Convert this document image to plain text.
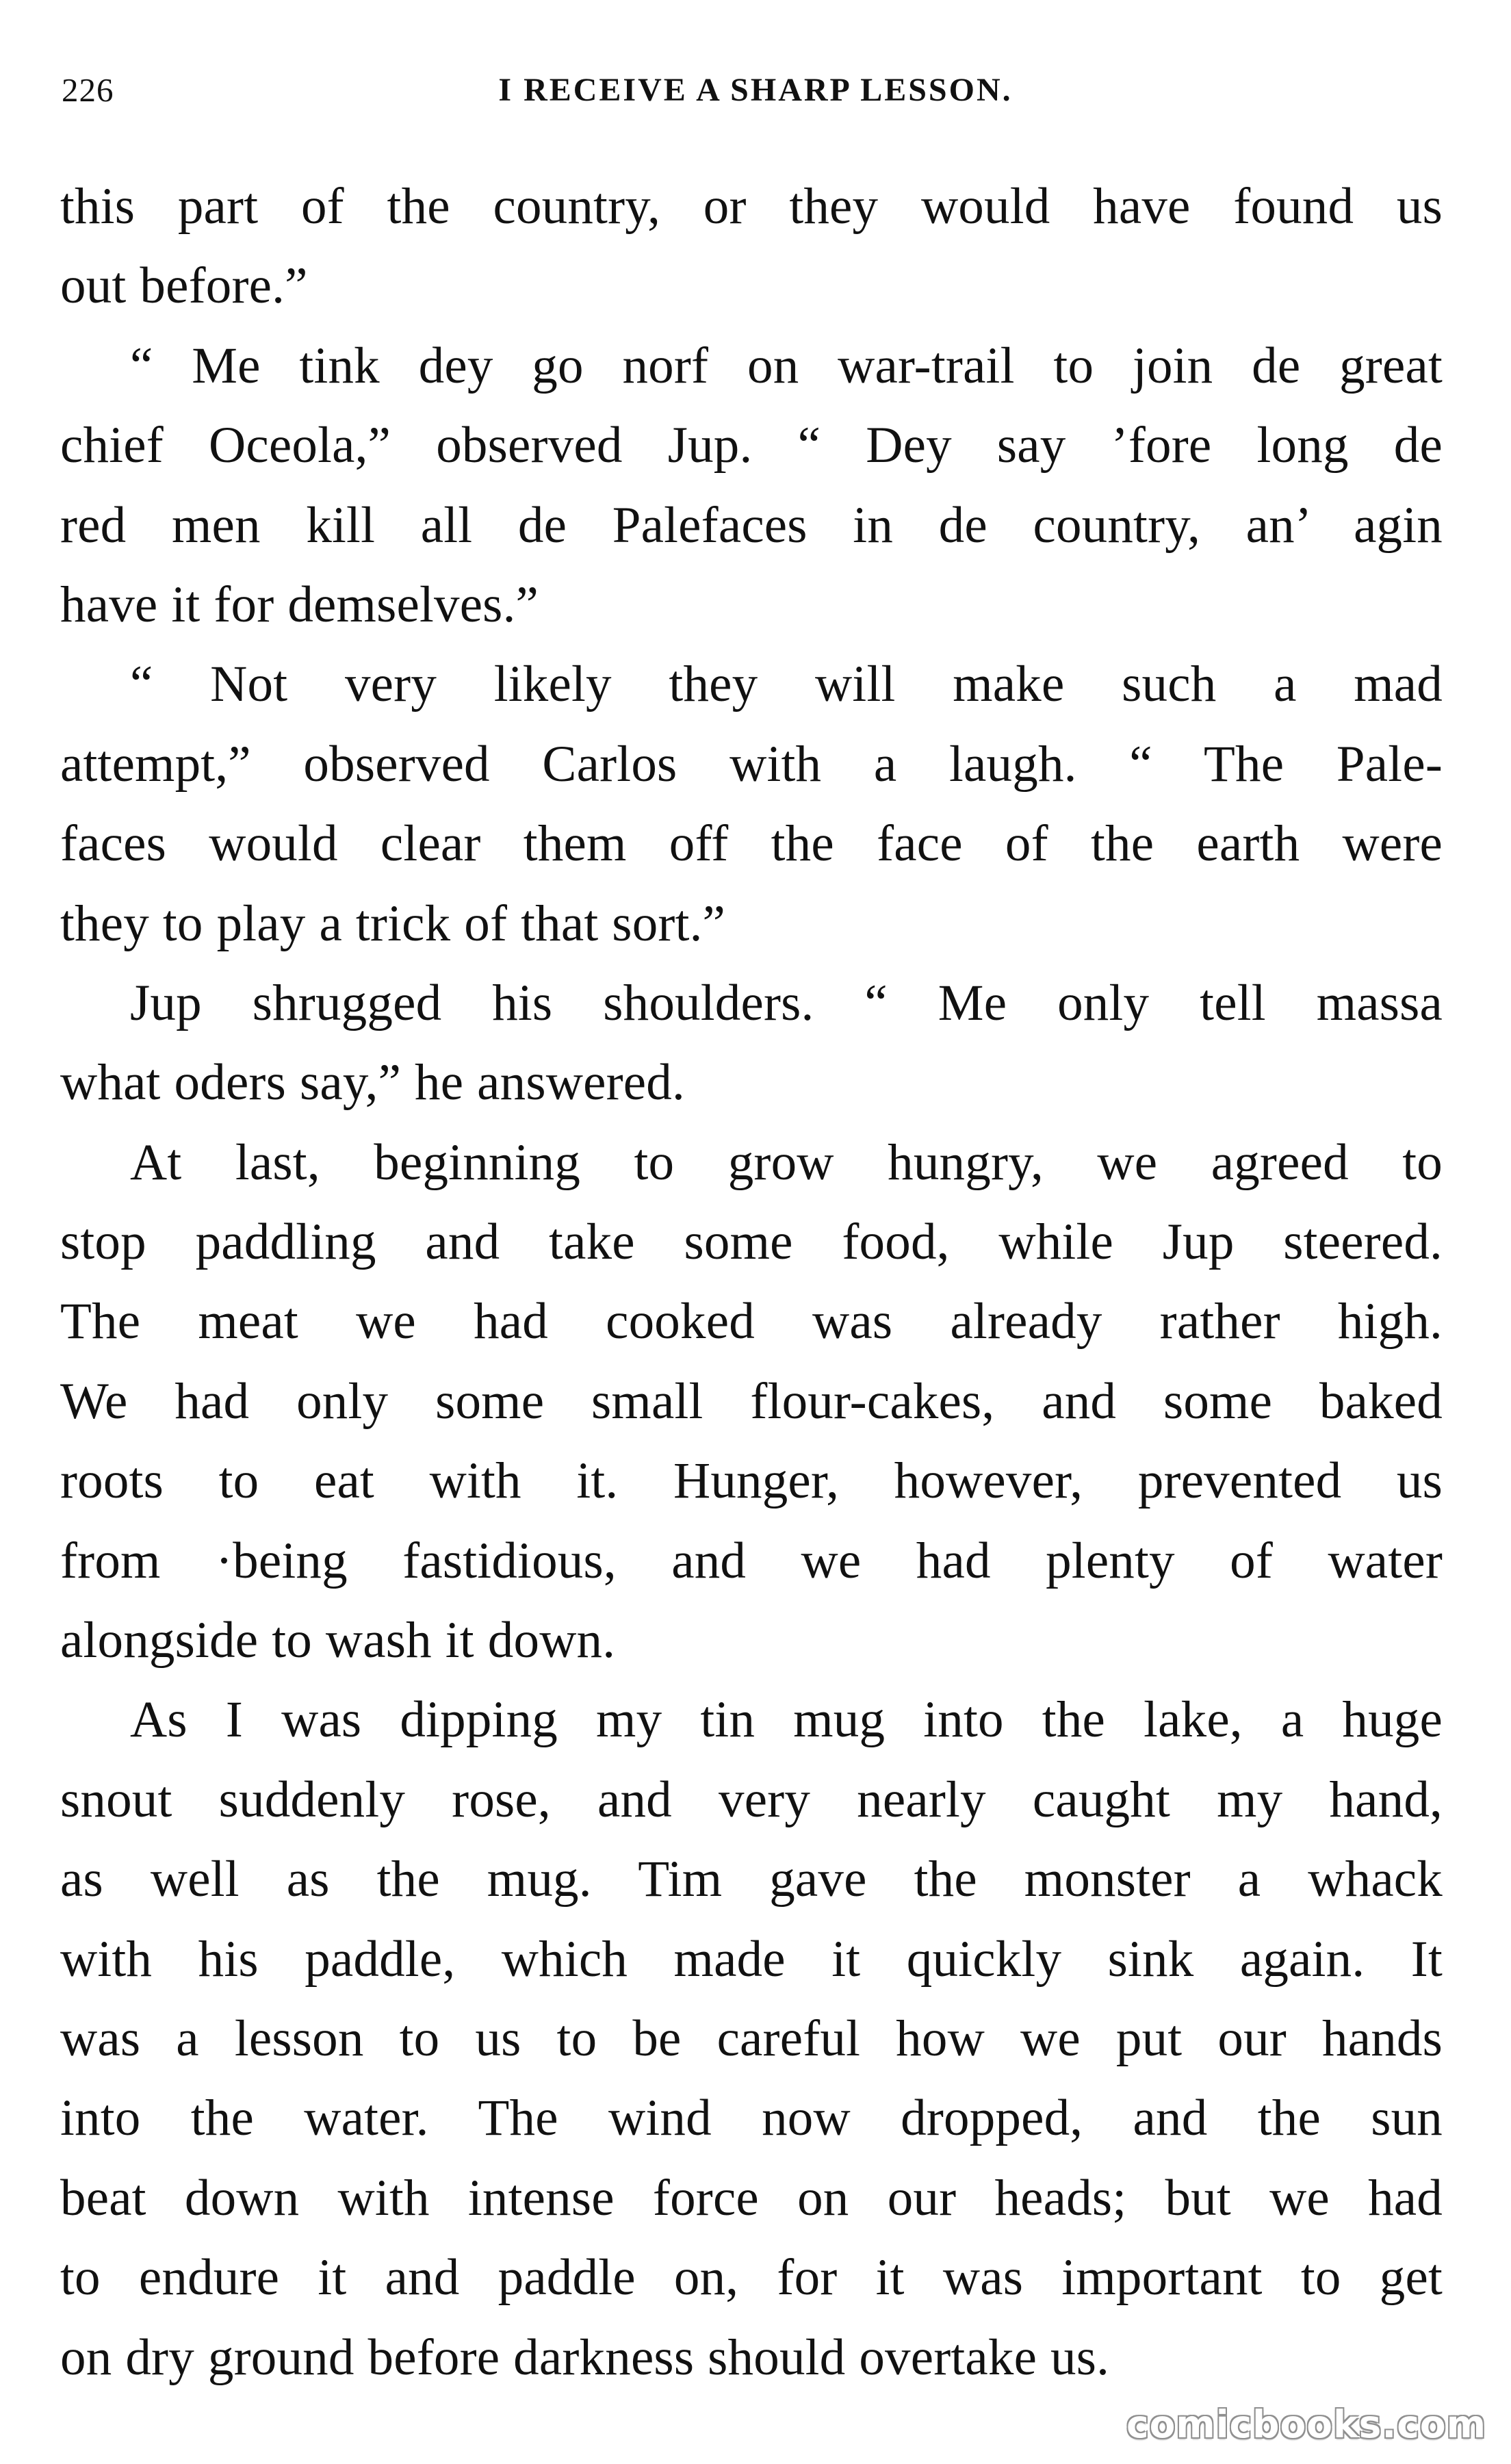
226	I RECEIVE A SHARP LESSON.
this part of the country, or they would have found us
out before.”
“ Me tink dey go norf on war-trail to join de great
chief Oceola,” observed Jup. “ Dey say ’fore long de
red men kill all de Palefaces in de country, an’ agin
have it for demselves.”
“ Not very likely they will make such a mad
attempt,” observed Carlos with a laugh. “ The Pale-
faces would clear them off the face of the earth were
they to play a trick of that sort.”
Jup shrugged his shoulders. “ Me only tell massa
what oders say,” he answered.
At last, beginning to grow hungry, we agreed to
stop paddling and take some food, while Jup steered.
The meat we had cooked was already rather high.
We had only some small flour-cakes, and some baked
roots to eat with it. Hunger, however, prevented us
from ·being fastidious, and we had plenty of water
alongside to wash it down.
As I was dipping my tin mug into the lake, a huge
snout suddenly rose, and very nearly caught my hand,
as well as the mug. Tim gave the monster a whack
with his paddle, which made it quickly sink again. It
was a lesson to us to be careful how we put our hands
into the water. The wind now dropped, and the sun
beat down with intense force on our heads; but we had
to endure it and paddle on, for it was important to get
on dry ground before darkness should overtake us.
comicbooks.com
